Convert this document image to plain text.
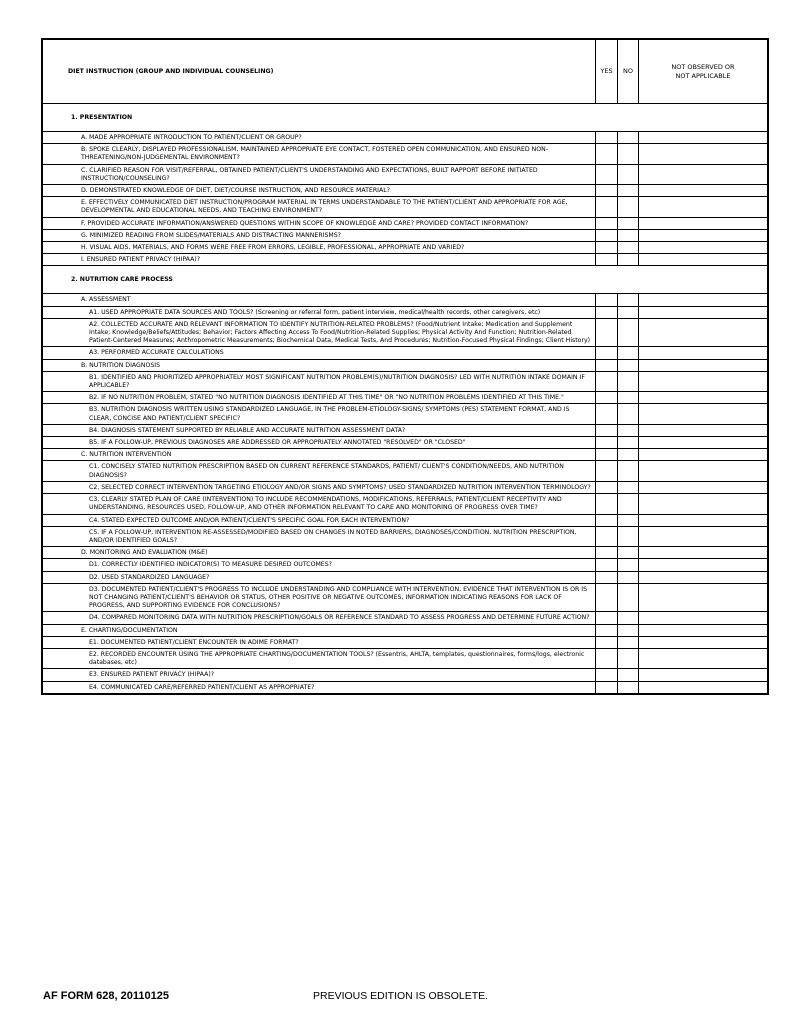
DIET INSTRUCTION (GROUP AND INDIVIDUAL COUNSELING)	YES	NO	NOT OBSERVED OR
NOT APPLICABLE
1. PRESENTATION			
A. MADE APPROPRIATE INTRODUCTION TO PATIENT/CLIENT OR GROUP?			
B. SPOKE CLEARLY, DISPLAYED PROFESSIONALISM, MAINTAINED APPROPRIATE EYE CONTACT, FOSTERED OPEN COMMUNICATION, AND ENSURED NON-THREATENING/NON-JUDGEMENTAL ENVIRONMENT?			
C. CLARIFIED REASON FOR VISIT/REFERRAL, OBTAINED PATIENT/CLIENT'S UNDERSTANDING AND EXPECTATIONS, BUILT RAPPORT BEFORE INITIATED INSTRUCTION/COUNSELING?			
D. DEMONSTRATED KNOWLEDGE OF DIET, DIET/COURSE INSTRUCTION, AND RESOURCE MATERIAL?			
E. EFFECTIVELY COMMUNICATED DIET INSTRUCTION/PROGRAM MATERIAL IN TERMS UNDERSTANDABLE TO THE PATIENT/CLIENT AND APPROPRIATE FOR AGE, DEVELOPMENTAL AND EDUCATIONAL NEEDS, AND TEACHING ENVIRONMENT?			
F. PROVIDED ACCURATE INFORMATION/ANSWERED QUESTIONS WITHIN SCOPE OF KNOWLEDGE AND CARE? PROVIDED CONTACT INFORMATION?			
G. MINIMIZED READING FROM SLIDES/MATERIALS AND DISTRACTING MANNERISMS?			
H. VISUAL AIDS, MATERIALS, AND FORMS WERE FREE FROM ERRORS, LEGIBLE, PROFESSIONAL, APPROPRIATE AND VARIED?			
I. ENSURED PATIENT PRIVACY (HIPAA)?			
2. NUTRITION CARE PROCESS			
A. ASSESSMENT			
A1. USED APPROPRIATE DATA SOURCES AND TOOLS? (Screening or referral form, patient interview, medical/health records, other caregivers, etc)			
A2. COLLECTED ACCURATE AND RELEVANT INFORMATION TO IDENTIFY NUTRITION-RELATED PROBLEMS? (Food/Nutrient Intake; Medication and Supplement Intake; Knowledge/Beliefs/Attitudes; Behavior; Factors Affecting Access To Food/Nutrition-Related Supplies; Physical Activity And Function; Nutrition-Related Patient-Centered Measures; Anthropometric Measurements; Biochemical Data, Medical Tests, And Procedures; Nutrition-Focused Physical Findings; Client History)			
A3. PERFORMED ACCURATE CALCULATIONS			
B. NUTRITION DIAGNOSIS			
B1. IDENTIFIED AND PRIORITIZED APPROPRIATELY MOST SIGNIFICANT NUTRITION PROBLEM(S)/NUTRITION DIAGNOSIS? LED WITH NUTRITION INTAKE DOMAIN IF APPLICABLE?			
B2. IF NO NUTRITION PROBLEM, STATED "NO NUTRITION DIAGNOSIS IDENTIFIED AT THIS TIME" OR "NO NUTRITION PROBLEMS IDENTIFIED AT THIS TIME."			
B3. NUTRITION DIAGNOSIS WRITTEN USING STANDARDIZED LANGUAGE, IN THE PROBLEM-ETIOLOGY-SIGNS/ SYMPTOMS (PES) STATEMENT FORMAT, AND IS CLEAR, CONCISE AND PATIENT/CLIENT SPECIFIC?			
B4. DIAGNOSIS STATEMENT SUPPORTED BY RELIABLE AND ACCURATE NUTRITION ASSESSMENT DATA?			
B5. IF A FOLLOW-UP, PREVIOUS DIAGNOSES ARE ADDRESSED OR APPROPRIATELY ANNOTATED "RESOLVED" OR "CLOSED"			
C. NUTRITION INTERVENTION			
C1. CONCISELY STATED NUTRITION PRESCRIPTION BASED ON CURRENT REFERENCE STANDARDS, PATIENT/ CLIENT'S CONDITION/NEEDS, AND NUTRITION DIAGNOSIS?			
C2. SELECTED CORRECT INTERVENTION TARGETING ETIOLOGY AND/OR SIGNS AND SYMPTOMS? USED STANDARDIZED NUTRITION INTERVENTION TERMINOLOGY?			
C3. CLEARLY STATED PLAN OF CARE (INTERVENTION) TO INCLUDE RECOMMENDATIONS, MODIFICATIONS, REFERRALS, PATIENT/CLIENT RECEPTIVITY AND UNDERSTANDING, RESOURCES USED, FOLLOW-UP, AND OTHER INFORMATION RELEVANT TO CARE AND MONITORING OF PROGRESS OVER TIME?			
C4. STATED EXPECTED OUTCOME AND/OR PATIENT/CLIENT'S SPECIFIC GOAL FOR EACH INTERVENTION?			
C5. IF A FOLLOW-UP, INTERVENTION RE-ASSESSED/MODIFIED BASED ON CHANGES IN NOTED BARRIERS, DIAGNOSES/CONDITION, NUTRITION PRESCRIPTION, AND/OR IDENTIFIED GOALS?			
D. MONITORING AND EVALUATION (M&E)			
D1. CORRECTLY IDENTIFIED INDICATOR(S) TO MEASURE DESIRED OUTCOMES?			
D2. USED STANDARDIZED LANGUAGE?			
D3. DOCUMENTED PATIENT/CLIENT'S PROGRESS TO INCLUDE UNDERSTANDING AND COMPLIANCE WITH INTERVENTION, EVIDENCE THAT INTERVENTION IS OR IS NOT CHANGING PATIENT/CLIENT'S BEHAVIOR OR STATUS, OTHER POSITIVE OR NEGATIVE OUTCOMES, INFORMATION INDICATING REASONS FOR LACK OF PROGRESS, AND SUPPORTING EVIDENCE FOR CONCLUSIONS?			
D4. COMPARED MONITORING DATA WITH NUTRITION PRESCRIPTION/GOALS OR REFERENCE STANDARD TO ASSESS PROGRESS AND DETERMINE FUTURE ACTION?			
E. CHARTING/DOCUMENTATION			
E1. DOCUMENTED PATIENT/CLIENT ENCOUNTER IN ADIME FORMAT?			
E2. RECORDED ENCOUNTER USING THE APPROPRIATE CHARTING/DOCUMENTATION TOOLS? (Essentris, AHLTA, templates, questionnaires, forms/logs, electronic databases, etc)			
E3. ENSURED PATIENT PRIVACY (HIPAA)?			
E4. COMMUNICATED CARE/REFERRED PATIENT/CLIENT AS APPROPRIATE?			
AF FORM 628, 20110125	PREVIOUS EDITION IS OBSOLETE.
